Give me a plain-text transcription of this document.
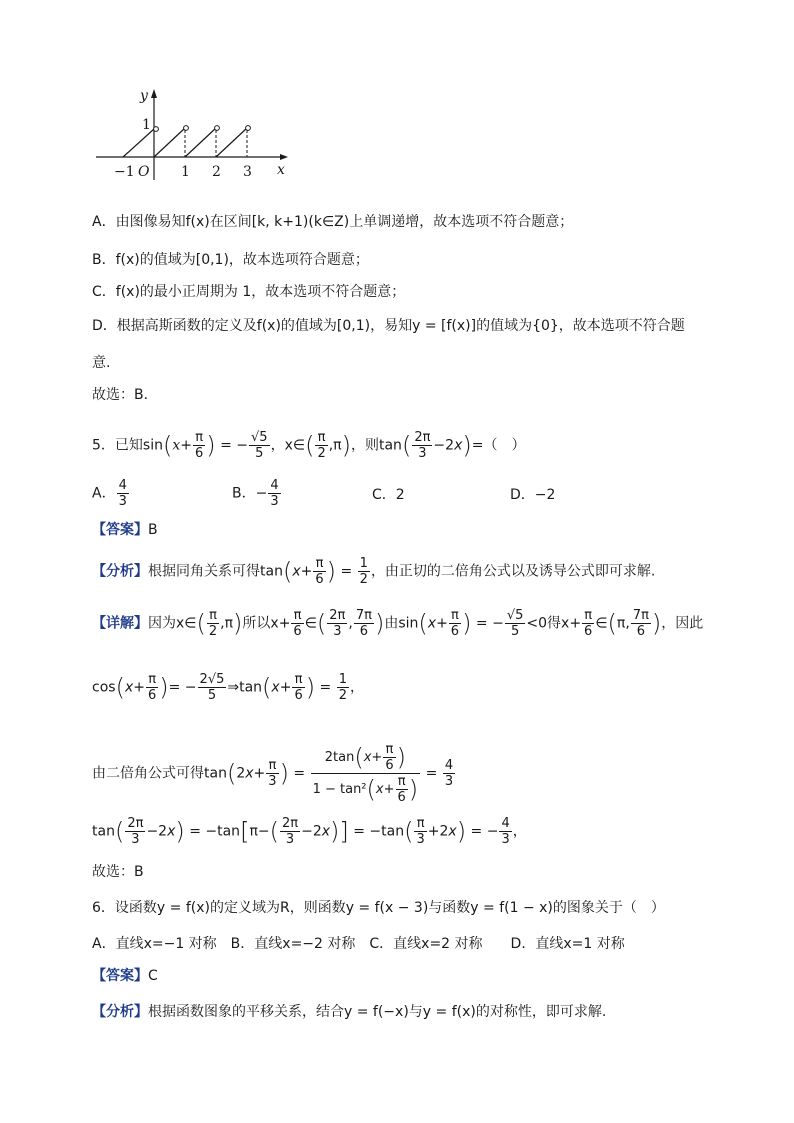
y
1
−1 O 1 2 3 x
A．由图像易知f(x)在区间[k, k+1)(k∈Z)上单调递增，故本选项不符合题意；
B．f(x)的值域为[0,1)，故本选项符合题意；
C．f(x)的最小正周期为 1，故本选项不符合题意；
D．根据高斯函数的定义及f(x)的值域为[0,1)，易知y = [f(x)]的值域为{0}，故本选项不符合题
意.
故选：B．
5．已知$\sin(x+ \frac{\pi}{6}$ ) = − $\frac{√5}{5}$ ，x∈( $\frac{\pi}{2} ,\pi$)，则$\tan( \frac{2\pi}{3} -2x)=$（　）
A． $\frac{4}{3}$	B．− $\frac{4}{3}$	C．2	D．−2
【答案】B
【分析】根据同角关系可得$\tan(x+ \frac{\pi}{6}$ ) = $\frac{1}{2}$ ，由正切的二倍角公式以及诱导公式即可求解.
【详解】因为x∈( $\frac{\pi}{2} ,\pi$)所以$x+ \frac{\pi}{6}$ ∈( $\frac{2\pi}{3}$ , $\frac{7\pi}{6}$ )由$\sin(x+ \frac{\pi}{6}$ ) = − $\frac{√5}{5} <0$得$x+ \frac{\pi}{6}$ ∈(π, $\frac{7\pi}{6}$ )，因此
$\cos(x+ \frac{\pi}{6}$ )= − $\frac{2√5}{5}$ ⇒tan(x+ $\frac{\pi}{6}$ ) = $\frac{1}{2}$ ，
由二倍角公式可得$\tan(2x+ \frac{\pi}{3}$ ) = $\frac{2\tan(x+ \frac{\pi}{6} )}{1 - \tan^2(x+ \frac{\pi}{6} )} = \frac{4}{3}$
$\tan( \frac{2\pi}{3} -2x) = -\tan[\pi-( \frac{2\pi}{3} -2x)] = -\tan( \frac{\pi}{3} +2x)$ = − $\frac{4}{3}$ ，
故选：B
6．设函数y = f(x)的定义域为R，则函数y = f(x − 3)与函数y = f(1 − x)的图象关于（　）
A．直线x=−1 对称　B．直线x=−2 对称　C．直线x=2 对称　　D．直线x=1 对称
【答案】C
【分析】根据函数图象的平移关系，结合y = f(−x)与y = f(x)的对称性，即可求解.
